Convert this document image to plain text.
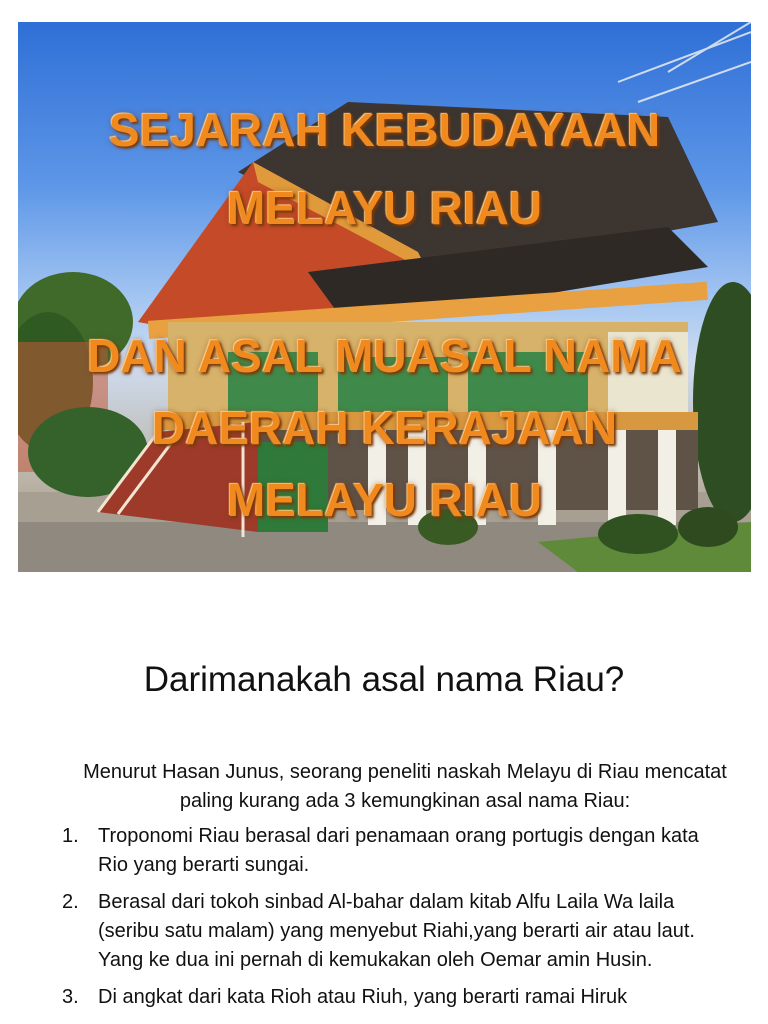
SEJARAH KEBUDAYAAN
MELAYU RIAU
DAN ASAL MUASAL NAMA
DAERAH KERAJAAN
MELAYU RIAU
Darimanakah asal nama Riau?
Menurut Hasan Junus, seorang peneliti naskah Melayu di Riau mencatat paling kurang ada 3 kemungkinan asal nama Riau:
1. Troponomi Riau berasal dari penamaan orang portugis dengan kata Rio yang berarti sungai.
2. Berasal dari tokoh sinbad Al-bahar dalam kitab Alfu Laila Wa laila (seribu satu malam) yang menyebut Riahi,yang berarti air atau laut. Yang ke dua ini pernah di kemukakan oleh Oemar amin Husin.
3. Di angkat dari kata Rioh atau Riuh, yang berarti ramai Hiruk
